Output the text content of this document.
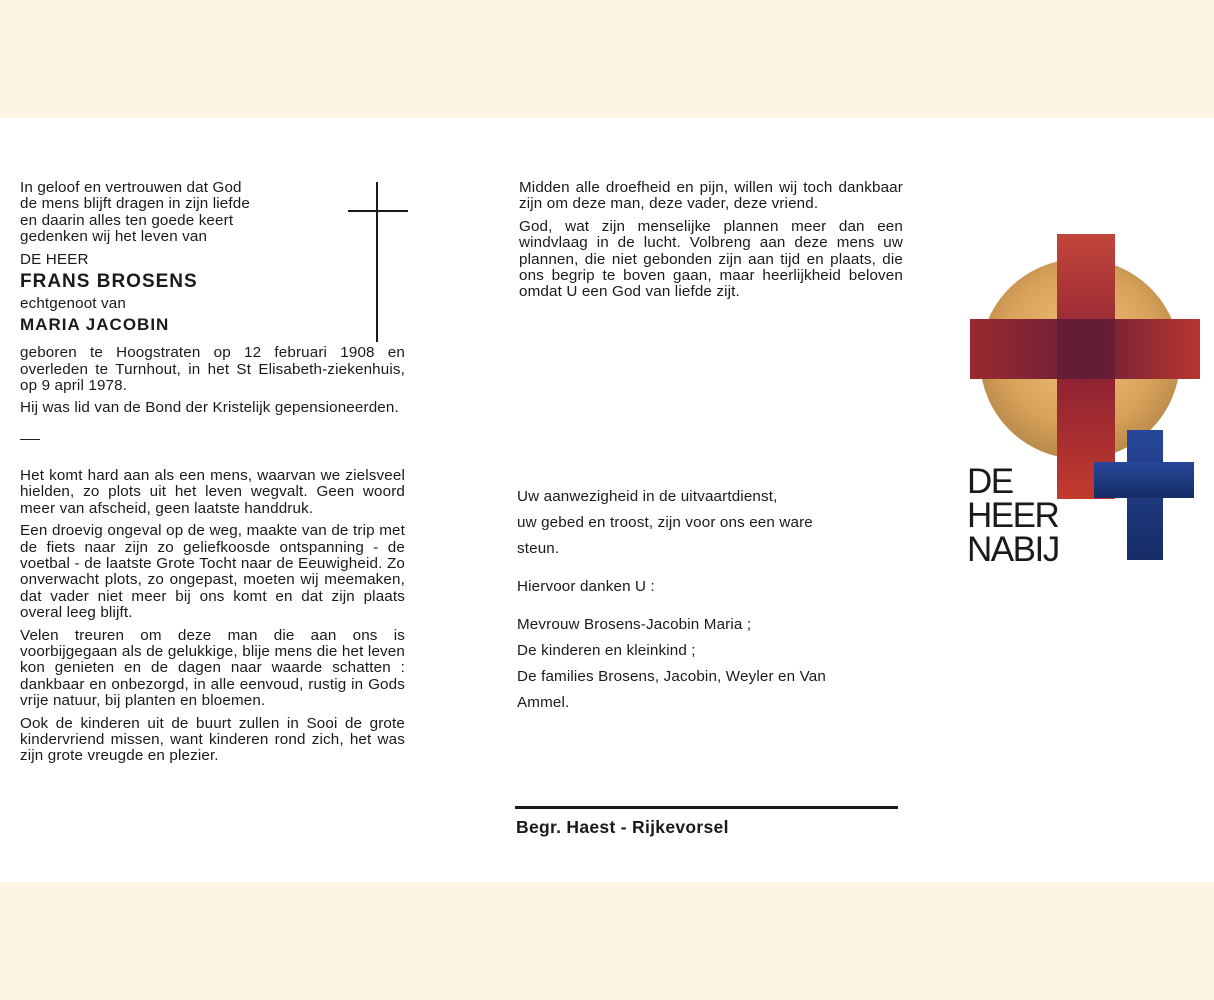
In geloof en vertrouwen dat God

de mens blijft dragen in zijn liefde

en daarin alles ten goede keert

gedenken wij het leven van

DE HEER

FRANS BROSENS

echtgenoot van

MARIA JACOBIN

geboren te Hoogstraten op 12 februari 1908 en overleden te Turnhout, in het St Elisabeth-ziekenhuis, op 9 april 1978.

Hij was lid van de Bond der Kristelijk gepensioneerden.

Het komt hard aan als een mens, waarvan we zielsveel hielden, zo plots uit het leven wegvalt. Geen woord meer van afscheid, geen laatste handdruk.

Een droevig ongeval op de weg, maakte van de trip met de fiets naar zijn zo geliefkoosde ontspanning - de voetbal - de laatste Grote Tocht naar de Eeuwigheid. Zo onverwacht plots, zo ongepast, moeten wij meemaken, dat vader niet meer bij ons komt en dat zijn plaats overal leeg blijft.

Velen treuren om deze man die aan ons is voorbijgegaan als de gelukkige, blije mens die het leven kon genieten en de dagen naar waarde schatten : dankbaar en onbezorgd, in alle eenvoud, rustig in Gods vrije natuur, bij planten en bloemen.

Ook de kinderen uit de buurt zullen in Sooi de grote kindervriend missen, want kinderen rond zich, het was zijn grote vreugde en plezier.

Midden alle droefheid en pijn, willen wij toch dankbaar zijn om deze man, deze vader, deze vriend.

God, wat zijn menselijke plannen meer dan een windvlaag in de lucht. Volbreng aan deze mens uw plannen, die niet gebonden zijn aan tijd en plaats, die ons begrip te boven gaan, maar heerlijkheid beloven omdat U een God van liefde zijt.

Uw aanwezigheid in de uitvaartdienst,

uw gebed en troost, zijn voor ons een ware

steun.

Hiervoor danken U :

Mevrouw Brosens-Jacobin Maria ;

De kinderen en kleinkind ;

De families Brosens, Jacobin, Weyler en Van

Ammel.

Begr. Haest - Rijkevorsel
DE
HEER
NABIJ
